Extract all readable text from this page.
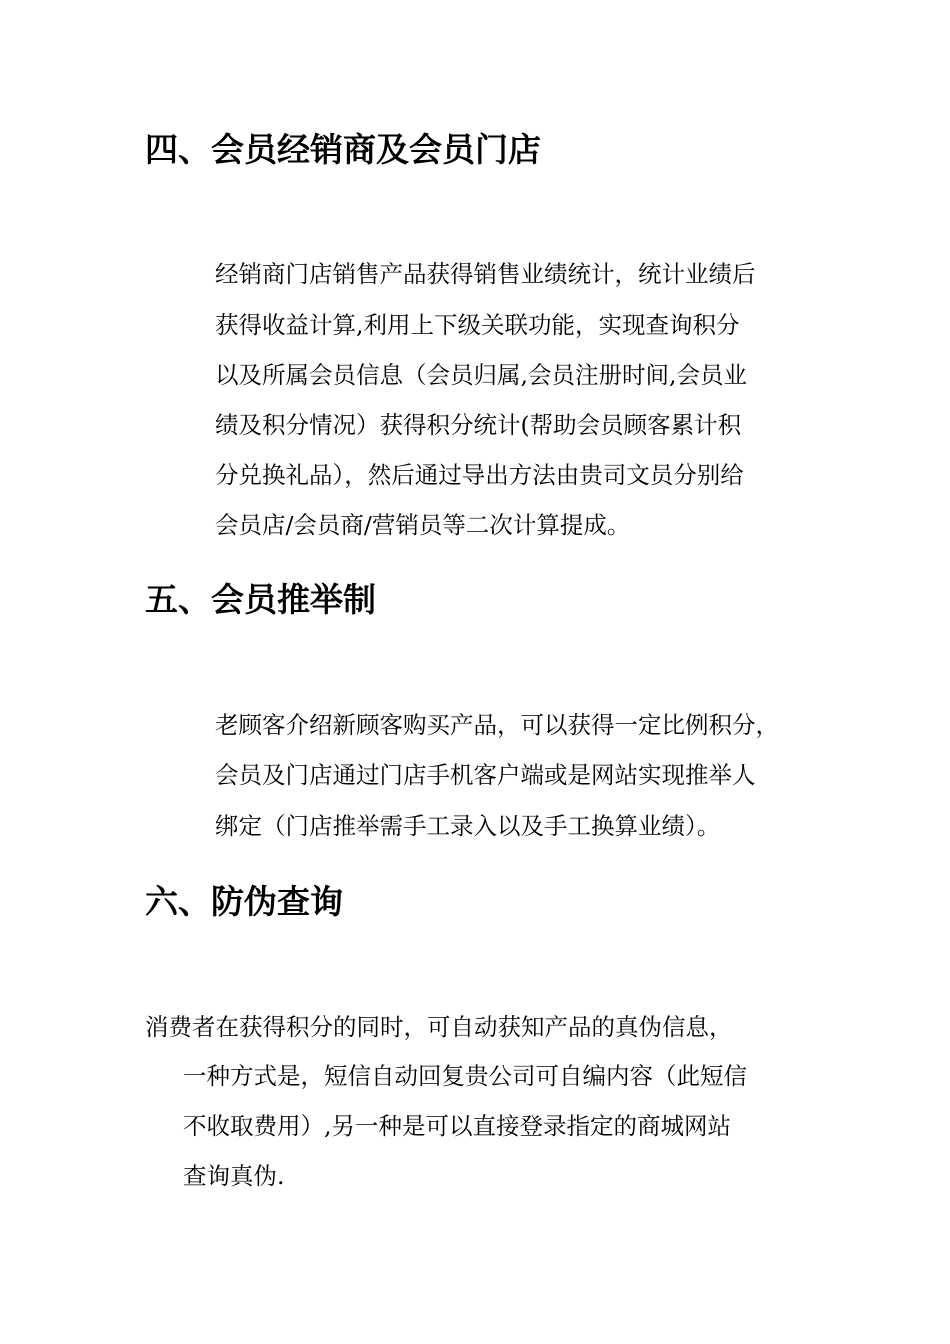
四、会员经销商及会员门店

经销商门店销售产品获得销售业绩统计，统计业绩后

获得收益计算,利用上下级关联功能，实现查询积分

以及所属会员信息（会员归属,会员注册时间,会员业

绩及积分情况）获得积分统计(帮助会员顾客累计积

分兑换礼品），然后通过导出方法由贵司文员分别给

会员店/会员商/营销员等二次计算提成。

五、会员推举制

老顾客介绍新顾客购买产品，可以获得一定比例积分，

会员及门店通过门店手机客户端或是网站实现推举人

绑定（门店推举需手工录入以及手工换算业绩）。

六、防伪查询

消费者在获得积分的同时，可自动获知产品的真伪信息，

一种方式是，短信自动回复贵公司可自编内容（此短信

不收取费用）,另一种是可以直接登录指定的商城网站

查询真伪.
